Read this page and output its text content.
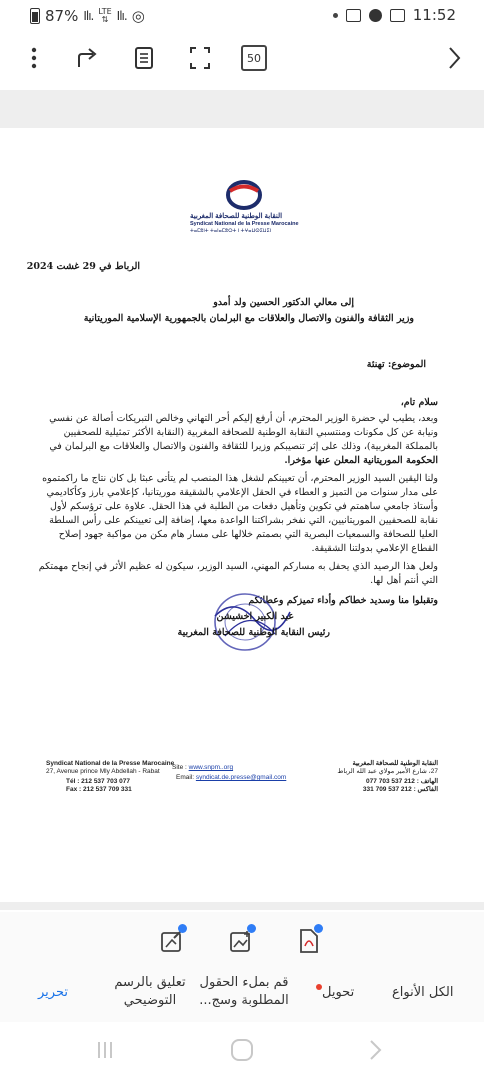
87% Ⅰlı. LTE
⇅ Ⅰlı. ◎	11:52
50
النقابة الوطنية للصحافة المغربية
Syndicat National de la Presse Marocaine
ⵜⴰⵎⵓⵏⵜ ⵜⴰⵏⴰⵎⵓⵔⵜ ⵏ ⵜⵖⴰⵡⵙⵉⵡⵉⵏ
الرباط في 29 غشت 2024
إلى معالي الدكتور الحسين ولد أمدو
وزير الثقافة والفنون والاتصال والعلاقات مع البرلمان بالجمهورية الإسلامية الموريتانية
الموضوع: تهنئة
سلام تام،
وبعد، يطيب لي حضرة الوزير المحترم، أن أرفع إليكم أحر التهاني وخالص التبريكات أصالة عن نفسي
ونيابة عن كل مكونات ومنتسبي النقابة الوطنية للصحافة المغربية (النقابة الأكثر تمثيلية للصحفيين
بالمملكة المغربية)، وذلك على إثر تنصيبكم وزيرا للثقافة والفنون والاتصال والعلاقات مع البرلمان في
الحكومة الموريتانية المعلن عنها مؤخرا.
ولنا اليقين السيد الوزير المحترم، أن تعيينكم لشغل هذا المنصب لم يتأتى عبثا بل كان نتاج ما راكمتموه
على مدار سنوات من التميز و العطاء في الحقل الإعلامي بالشقيقة موريتانيا، كإعلامي بارز وكأكاديمي
وأستاذ جامعي ساهمتم في تكوين وتأهيل دفعات من الطلبة في هذا الحقل. علاوة على ترؤسكم لأول
نقابة للصحفيين الموريتانيين، التي نفخر بشراكتنا الواعدة معها، إضافة إلى تعيينكم على رأس السلطة
العليا للصحافة والسمعيات البصرية التي بصمتم خلالها على مسار هام مكن من مواكبة جهود إصلاح
القطاع الإعلامي بدولتنا الشقيقة.
ولعل هذا الرصيد الذي يحفل به مساركم المهني، السيد الوزير، سيكون له عظيم الأثر في إنجاح مهمتكم
التي أنتم أهل لها.
وتقبلوا منا وسديد خطاكم وأداء تميزكم وعطائكم
عبد الكبير اخشيشن
رئيس النقابة الوطنية للصحافة المغربية
Syndicat National de la Presse Marocaine
27, Avenue prince Mly Abdellah - Rabat
Tél : 212 537 703 077
Fax : 212 537 709 331
Site : www.snpm..org
Email: syndicat.de.presse@gmail.com
النقابة الوطنية للصحافة المغربية
27، شارع الأمير مولاي عبد الله الرباط
الهاتف : 212 537 703 077
الفاكس : 212 537 709 331
تحرير
تعليق بالرسم
التوضيحي
قم بملء الحقول
المطلوبة وسج...
تحويل	الكل الأنواع
